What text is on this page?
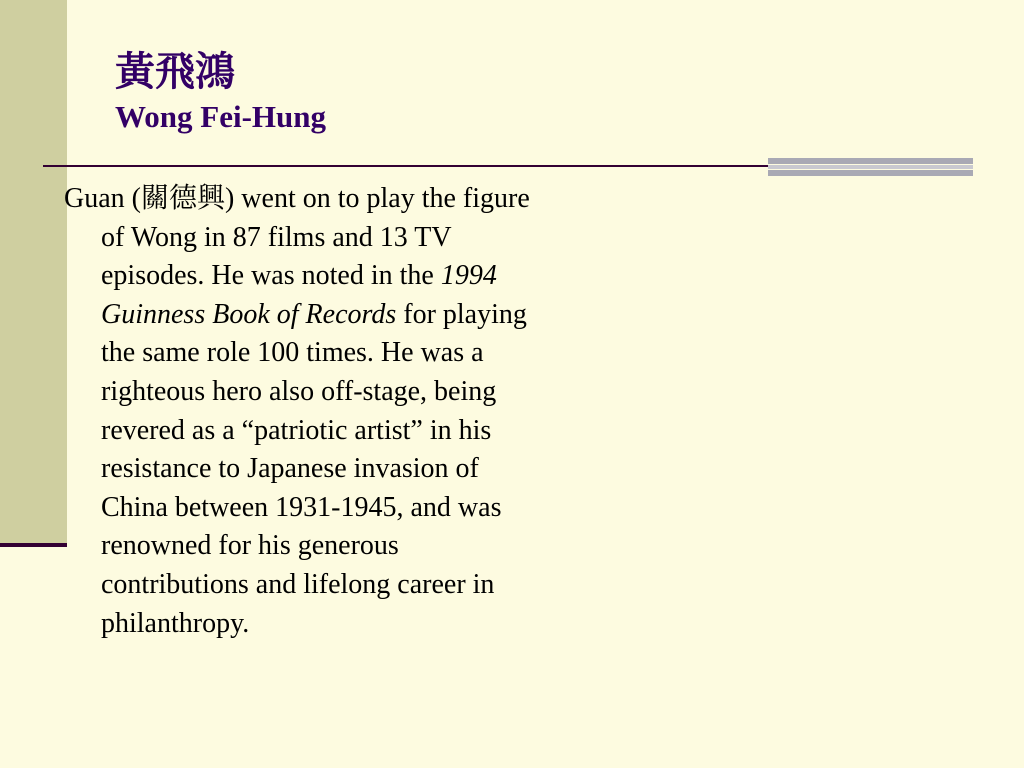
黃飛鴻
Wong Fei-Hung

Guan (關德興) went on to play the figure of Wong in 87 films and 13 TV episodes. He was noted in the 1994 Guinness Book of Records for playing the same role 100 times. He was a righteous hero also off-stage, being revered as a “patriotic artist” in his resistance to Japanese invasion of China between 1931-1945, and was renowned for his generous contributions and lifelong career in philanthropy.
